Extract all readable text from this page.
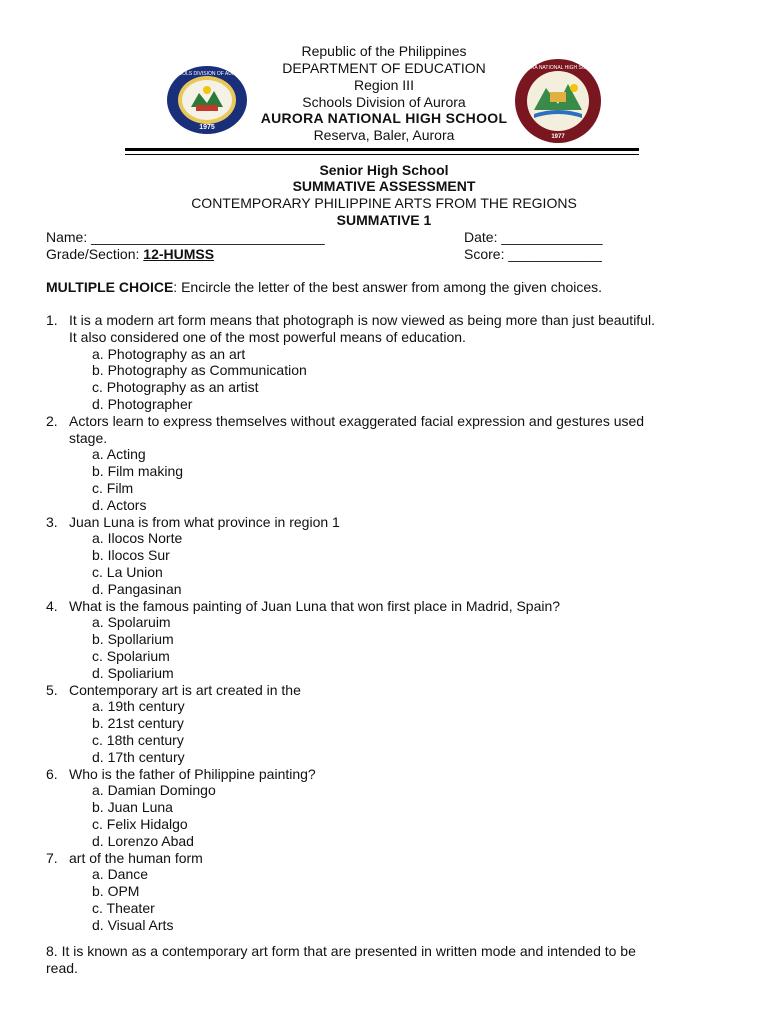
1975
SCHOOLS DIVISION OF AURORA
1977
AURORA NATIONAL HIGH SCHOOL
Republic of the Philippines
DEPARTMENT OF EDUCATION
Region III
Schools Division of Aurora
AURORA NATIONAL HIGH SCHOOL
Reserva, Baler, Aurora
Senior High School
SUMMATIVE ASSESSMENT
CONTEMPORARY PHILIPPINE ARTS FROM THE REGIONS
SUMMATIVE 1
Name: ______________________________	Date: _____________
Grade/Section: 12-HUMSS	Score: ____________
MULTIPLE CHOICE: Encircle the letter of the best answer from among the given choices.
1. It is a modern art form means that photograph is now viewed as being more than just beautiful.
It also considered one of the most powerful means of education.
a. Photography as an art
b. Photography as Communication
c. Photography as an artist
d. Photographer
2. Actors learn to express themselves without exaggerated facial expression and gestures used
stage.
a. Acting
b. Film making
c. Film
d. Actors
3. Juan Luna is from what province in region 1
a. Ilocos Norte
b. Ilocos Sur
c. La Union
d. Pangasinan
4. What is the famous painting of Juan Luna that won first place in Madrid, Spain?
a. Spolaruim
b. Spollarium
c. Spolarium
d. Spoliarium
5. Contemporary art is art created in the
a. 19th century
b. 21st century
c. 18th century
d. 17th century
6. Who is the father of Philippine painting?
a. Damian Domingo
b. Juan Luna
c. Felix Hidalgo
d. Lorenzo Abad
7. art of the human form
a. Dance
b. OPM
c. Theater
d. Visual Arts
8. It is known as a contemporary art form that are presented in written mode and intended to be
read.
